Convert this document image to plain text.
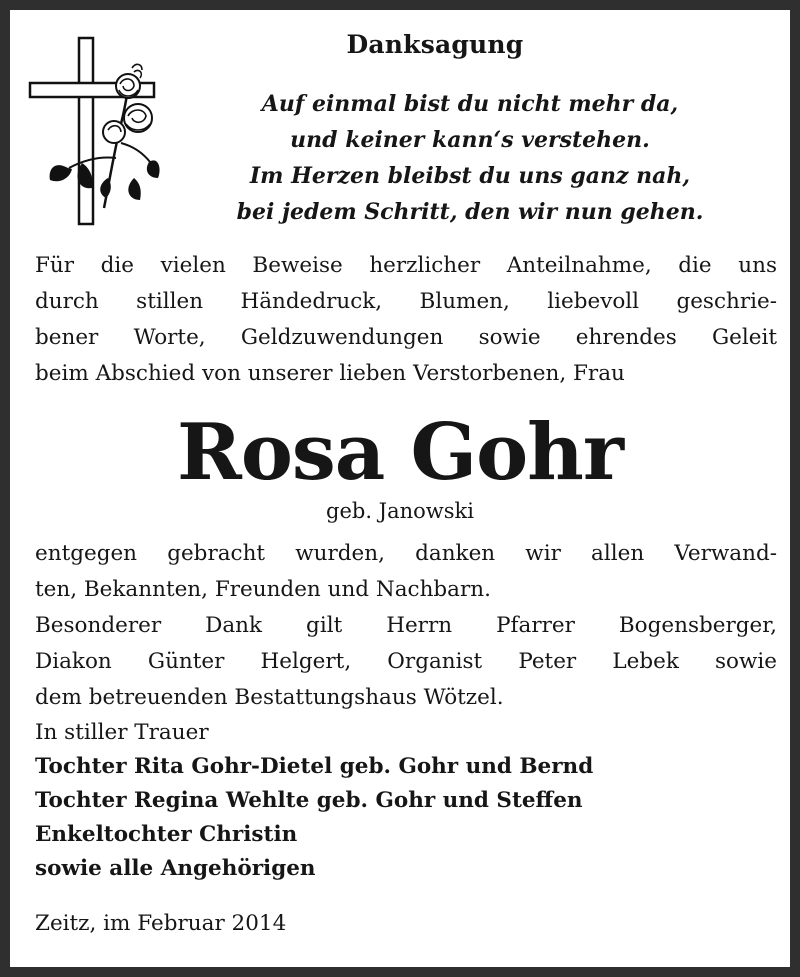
Danksagung
Auf einmal bist du nicht mehr da,
und keiner kann‘s verstehen.
Im Herzen bleibst du uns ganz nah,
bei jedem Schritt, den wir nun gehen.
Für die vielen Beweise herzlicher Anteilnahme, die uns
durch stillen Händedruck, Blumen, liebevoll geschrie-
bener Worte, Geldzuwendungen sowie ehrendes Geleit
beim Abschied von unserer lieben Verstorbenen, Frau
Rosa Gohr
geb. Janowski
entgegen gebracht wurden, danken wir allen Verwand-
ten, Bekannten, Freunden und Nachbarn.
Besonderer Dank gilt Herrn Pfarrer Bogensberger,
Diakon Günter Helgert, Organist Peter Lebek sowie
dem betreuenden Bestattungshaus Wötzel.
In stiller Trauer
Tochter Rita Gohr-Dietel geb. Gohr und Bernd
Tochter Regina Wehlte geb. Gohr und Steffen
Enkeltochter Christin
sowie alle Angehörigen
Zeitz, im Februar 2014
